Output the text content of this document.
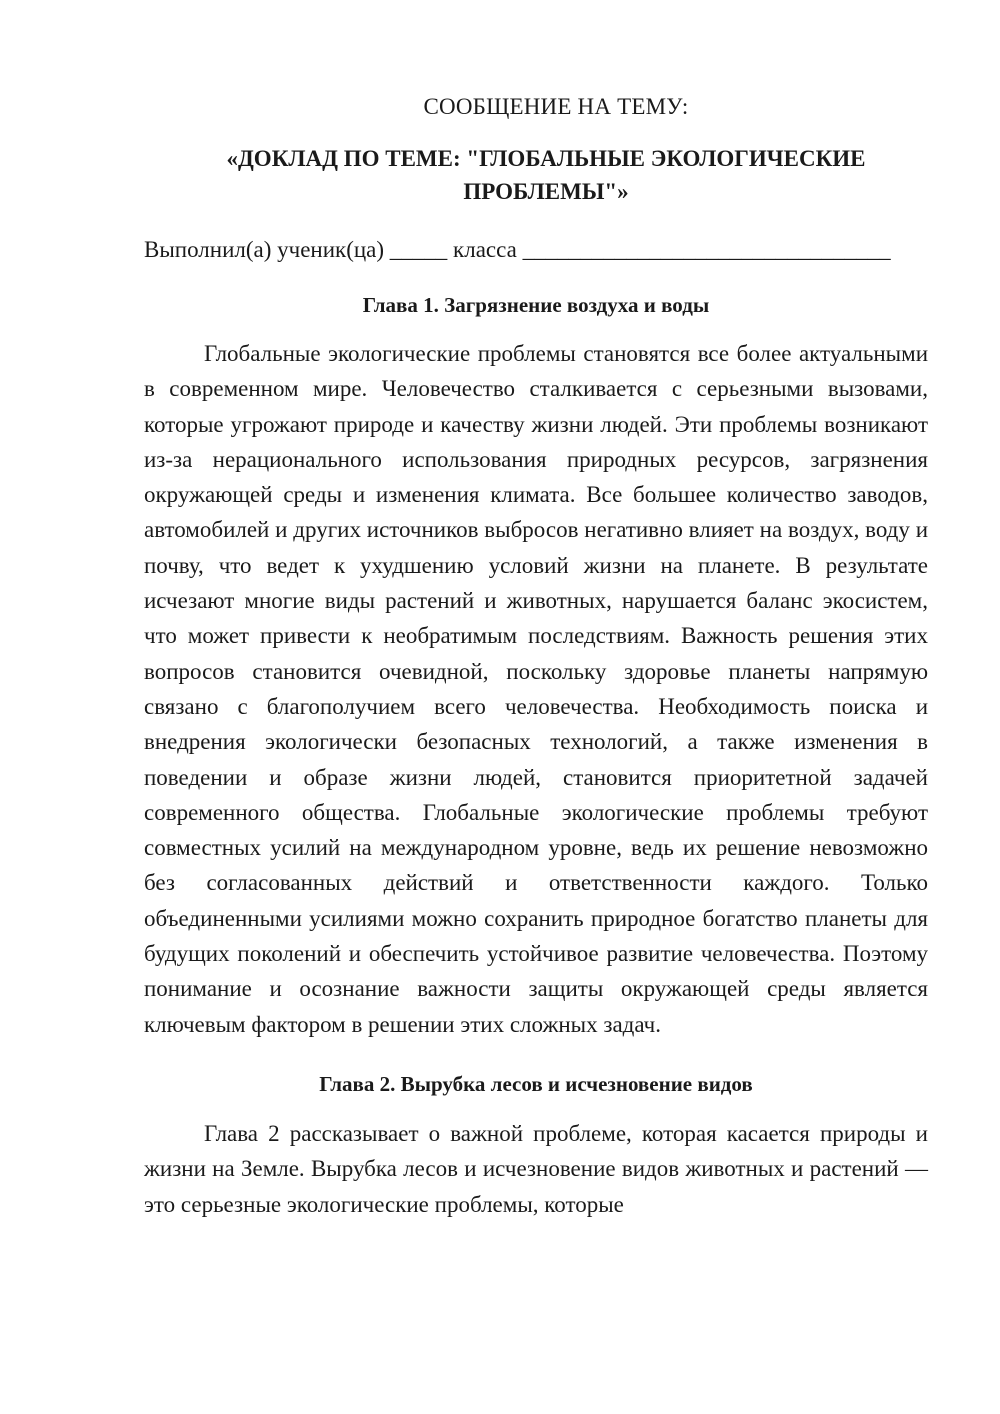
СООБЩЕНИЕ НА ТЕМУ:

«ДОКЛАД ПО ТЕМЕ: "ГЛОБАЛЬНЫЕ ЭКОЛОГИЧЕСКИЕ ПРОБЛЕМЫ"»

Выполнил(а) ученик(ца) _____ класса ________________________________

Глава 1. Загрязнение воздуха и воды

Глобальные экологические проблемы становятся все более актуальными в современном мире. Человечество сталкивается с серьезными вызовами, которые угрожают природе и качеству жизни людей. Эти проблемы возникают из-за нерационального использования природных ресурсов, загрязнения окружающей среды и изменения климата. Все большее количество заводов, автомобилей и других источников выбросов негативно влияет на воздух, воду и почву, что ведет к ухудшению условий жизни на планете. В результате исчезают многие виды растений и животных, нарушается баланс экосистем, что может привести к необратимым последствиям. Важность решения этих вопросов становится очевидной, поскольку здоровье планеты напрямую связано с благополучием всего человечества. Необходимость поиска и внедрения экологически безопасных технологий, а также изменения в поведении и образе жизни людей, становится приоритетной задачей современного общества. Глобальные экологические проблемы требуют совместных усилий на международном уровне, ведь их решение невозможно без согласованных действий и ответственности каждого. Только объединенными усилиями можно сохранить природное богатство планеты для будущих поколений и обеспечить устойчивое развитие человечества. Поэтому понимание и осознание важности защиты окружающей среды является ключевым фактором в решении этих сложных задач.

Глава 2. Вырубка лесов и исчезновение видов

Глава 2 рассказывает о важной проблеме, которая касается природы и жизни на Земле. Вырубка лесов и исчезновение видов животных и растений — это серьезные экологические проблемы, которые
